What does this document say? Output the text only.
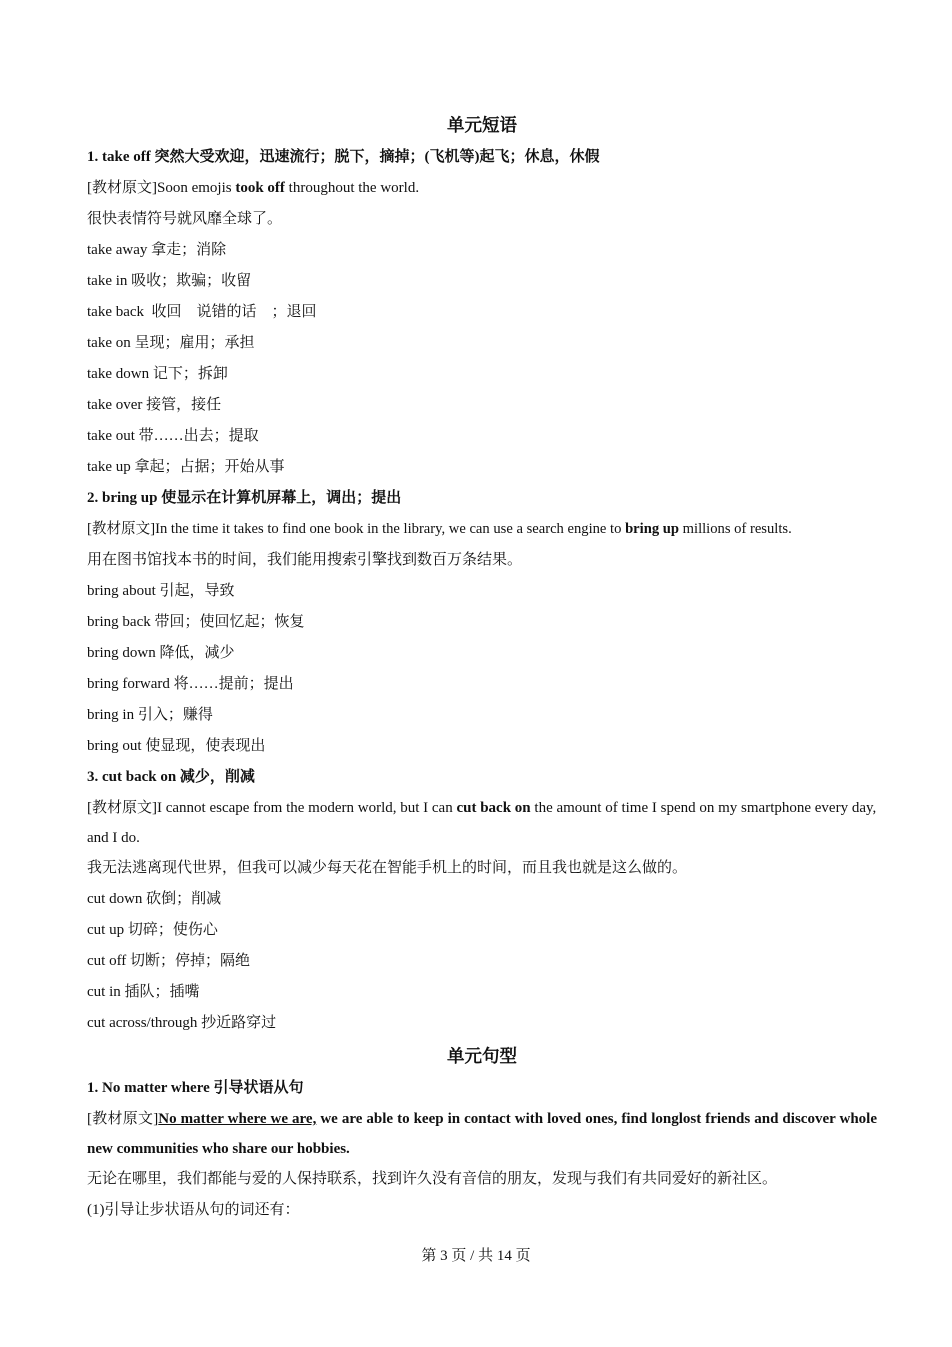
单元短语
1. take off 突然大受欢迎，迅速流行；脱下，摘掉；(飞机等)起飞；休息，休假
[教材原文]Soon emojis took off throughout the world.
很快表情符号就风靡全球了。
take away 拿走；消除
take in 吸收；欺骗；收留
take back  收回    说错的话    ；退回
take on 呈现；雇用；承担
take down 记下；拆卸
take over 接管，接任
take out 带……出去；提取
take up 拿起；占据；开始从事
2. bring up 使显示在计算机屏幕上，调出；提出
[教材原文]In the time it takes to find one book in the library, we can use a search engine to bring up millions of results.
用在图书馆找本书的时间，我们能用搜索引擎找到数百万条结果。
bring about 引起，导致
bring back 带回；使回忆起；恢复
bring down 降低，减少
bring forward 将……提前；提出
bring in 引入；赚得
bring out 使显现，使表现出
3. cut back on 减少，削减
[教材原文]I cannot escape from the modern world, but I can cut back on the amount of time I spend on my smartphone every day, and I do.
我无法逃离现代世界，但我可以减少每天花在智能手机上的时间，而且我也就是这么做的。
cut down 砍倒；削减
cut up 切碎；使伤心
cut off 切断；停掉；隔绝
cut in 插队；插嘴
cut across/through 抄近路穿过
单元句型
1. No matter where 引导状语从句
[教材原文]No matter where we are, we are able to keep in contact with loved ones, find longlost friends and discover whole new communities who share our hobbies.
无论在哪里，我们都能与爱的人保持联系，找到许久没有音信的朋友，发现与我们有共同爱好的新社区。
(1)引导让步状语从句的词还有：
第 3 页 / 共 14 页
